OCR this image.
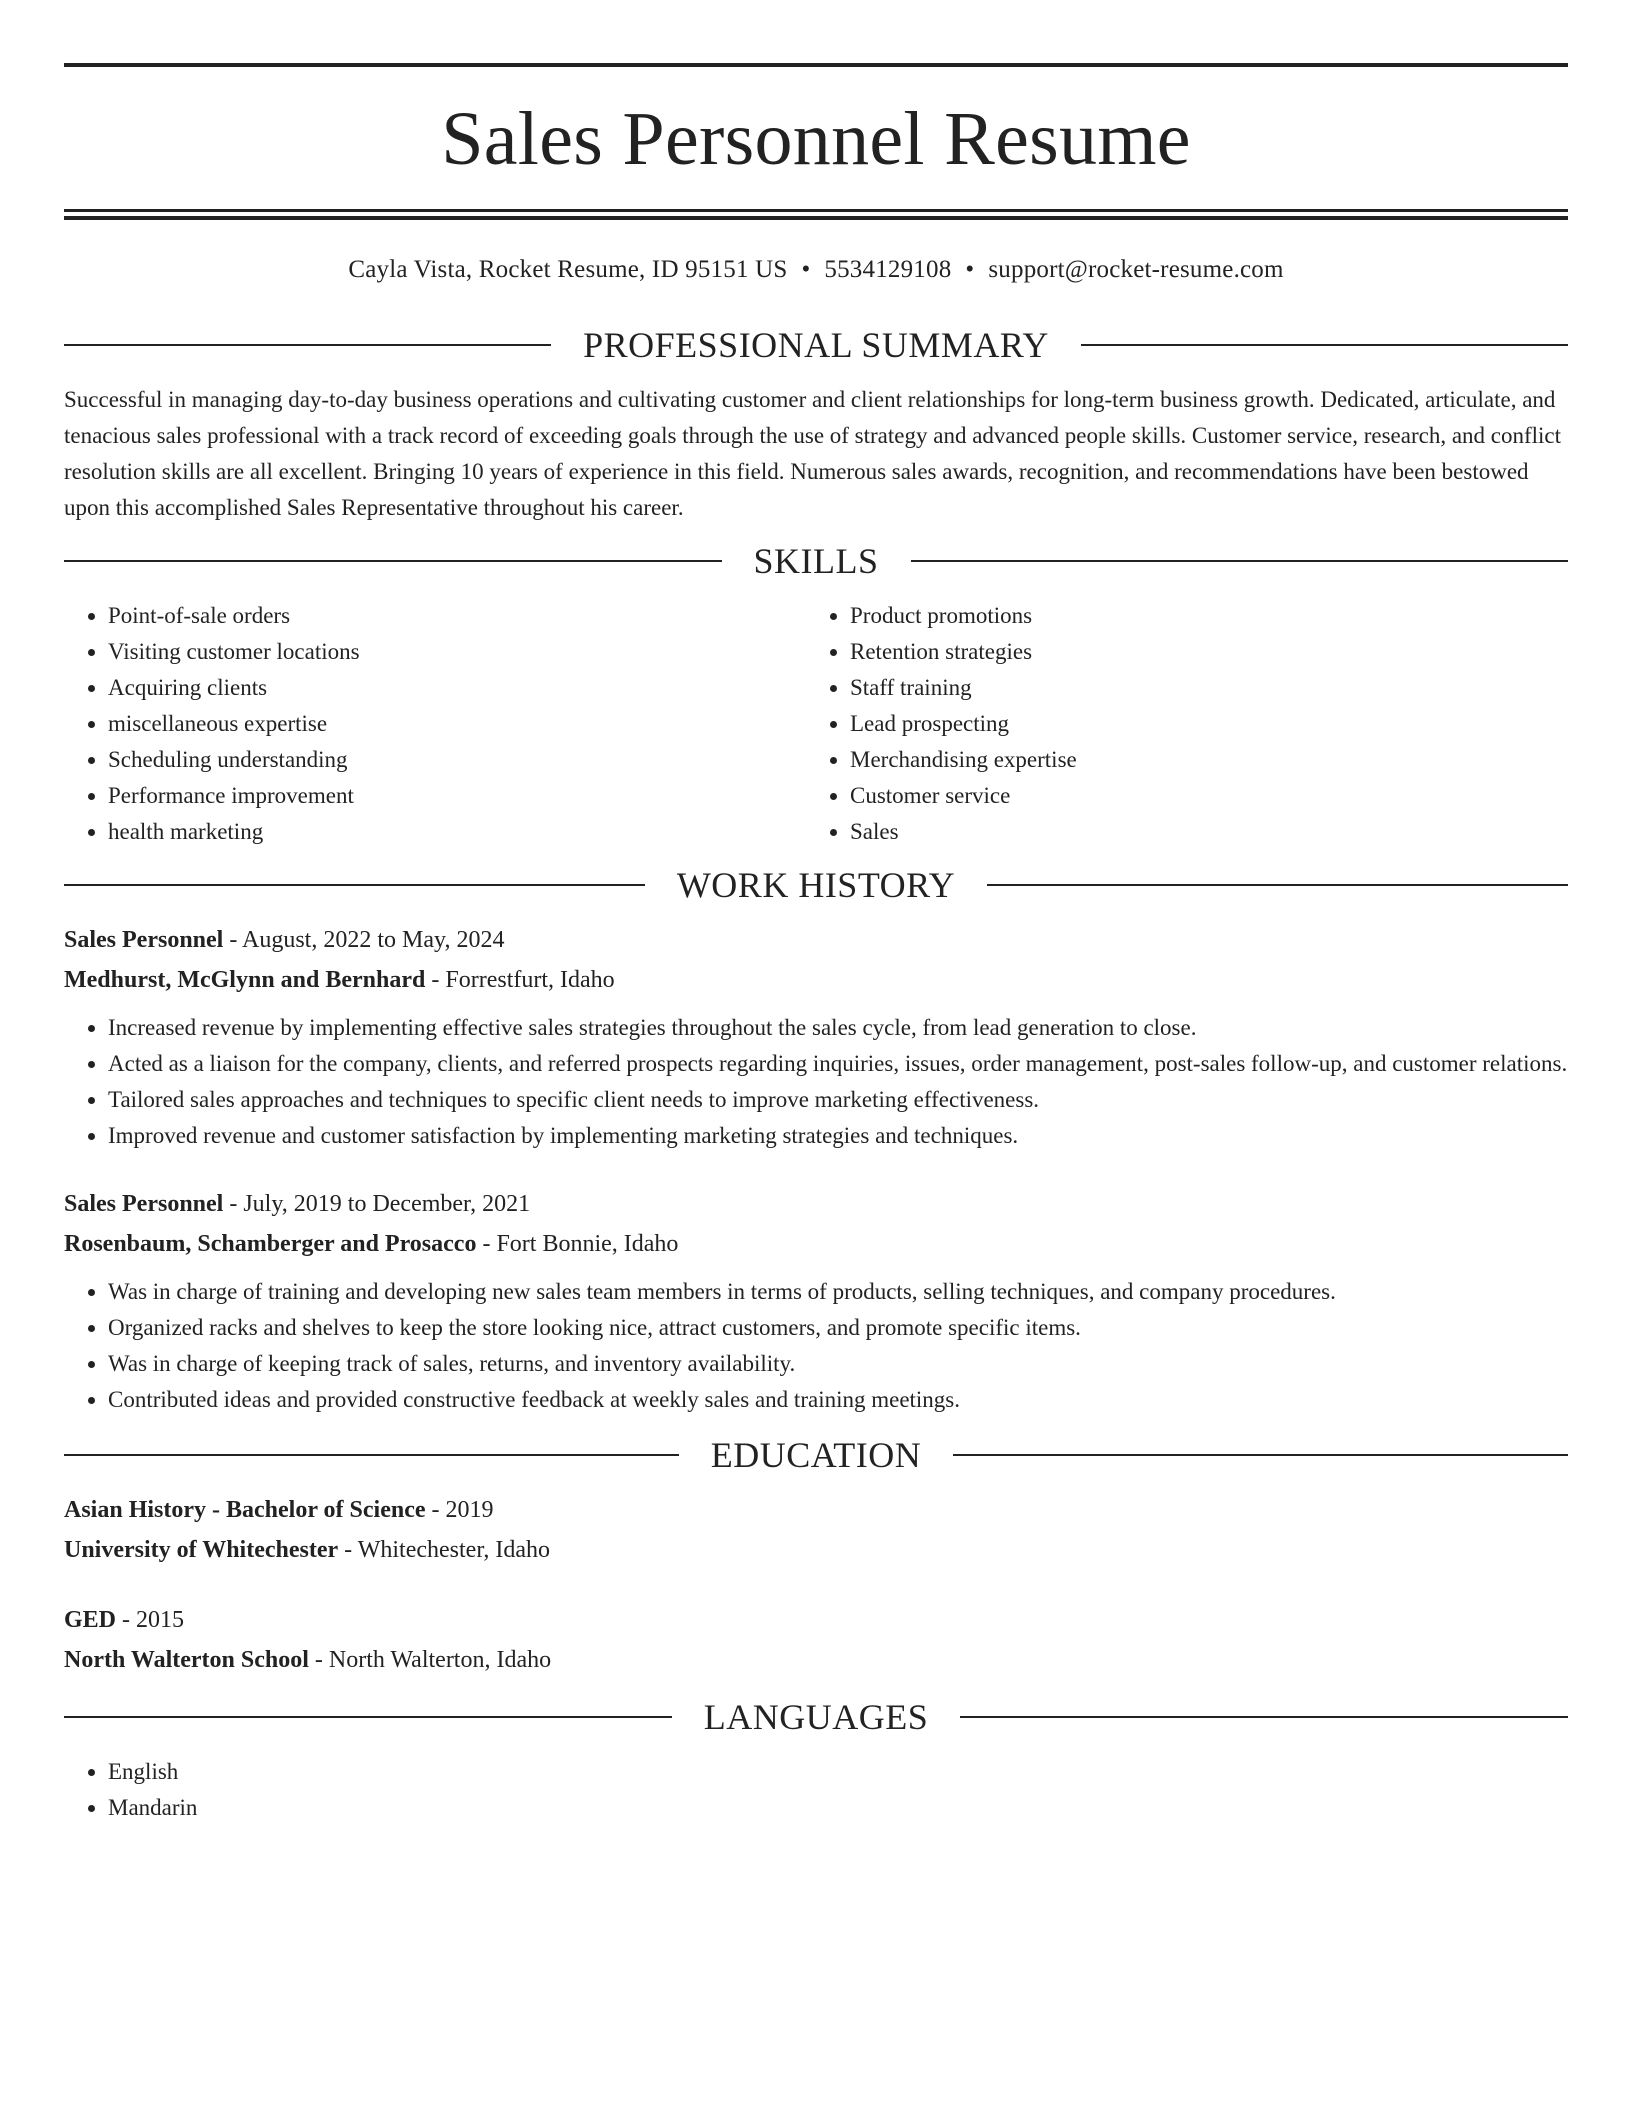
Sales Personnel Resume
Cayla Vista, Rocket Resume, ID 95151 US • 5534129108 • support@rocket-resume.com
PROFESSIONAL SUMMARY

Successful in managing day-to-day business operations and cultivating customer and client relationships for long-term business growth. Dedicated, articulate, and tenacious sales professional with a track record of exceeding goals through the use of strategy and advanced people skills. Customer service, research, and conflict resolution skills are all excellent. Bringing 10 years of experience in this field. Numerous sales awards, recognition, and recommendations have been bestowed upon this accomplished Sales Representative throughout his career.

SKILLS
• Point-of-sale orders
• Visiting customer locations
• Acquiring clients
• miscellaneous expertise
• Scheduling understanding
• Performance improvement
• health marketing
• Product promotions
• Retention strategies
• Staff training
• Lead prospecting
• Merchandising expertise
• Customer service
• Sales
WORK HISTORY

Sales Personnel - August, 2022 to May, 2024

Medhurst, McGlynn and Bernhard - Forrestfurt, Idaho

• Increased revenue by implementing effective sales strategies throughout the sales cycle, from lead generation to close.
• Acted as a liaison for the company, clients, and referred prospects regarding inquiries, issues, order management, post-sales follow-up, and customer relations.
• Tailored sales approaches and techniques to specific client needs to improve marketing effectiveness.
• Improved revenue and customer satisfaction by implementing marketing strategies and techniques.

Sales Personnel - July, 2019 to December, 2021

Rosenbaum, Schamberger and Prosacco - Fort Bonnie, Idaho

• Was in charge of training and developing new sales team members in terms of products, selling techniques, and company procedures.
• Organized racks and shelves to keep the store looking nice, attract customers, and promote specific items.
• Was in charge of keeping track of sales, returns, and inventory availability.
• Contributed ideas and provided constructive feedback at weekly sales and training meetings.
EDUCATION

Asian History - Bachelor of Science - 2019

University of Whitechester - Whitechester, Idaho

GED - 2015

North Walterton School - North Walterton, Idaho

LANGUAGES
• English
• Mandarin
